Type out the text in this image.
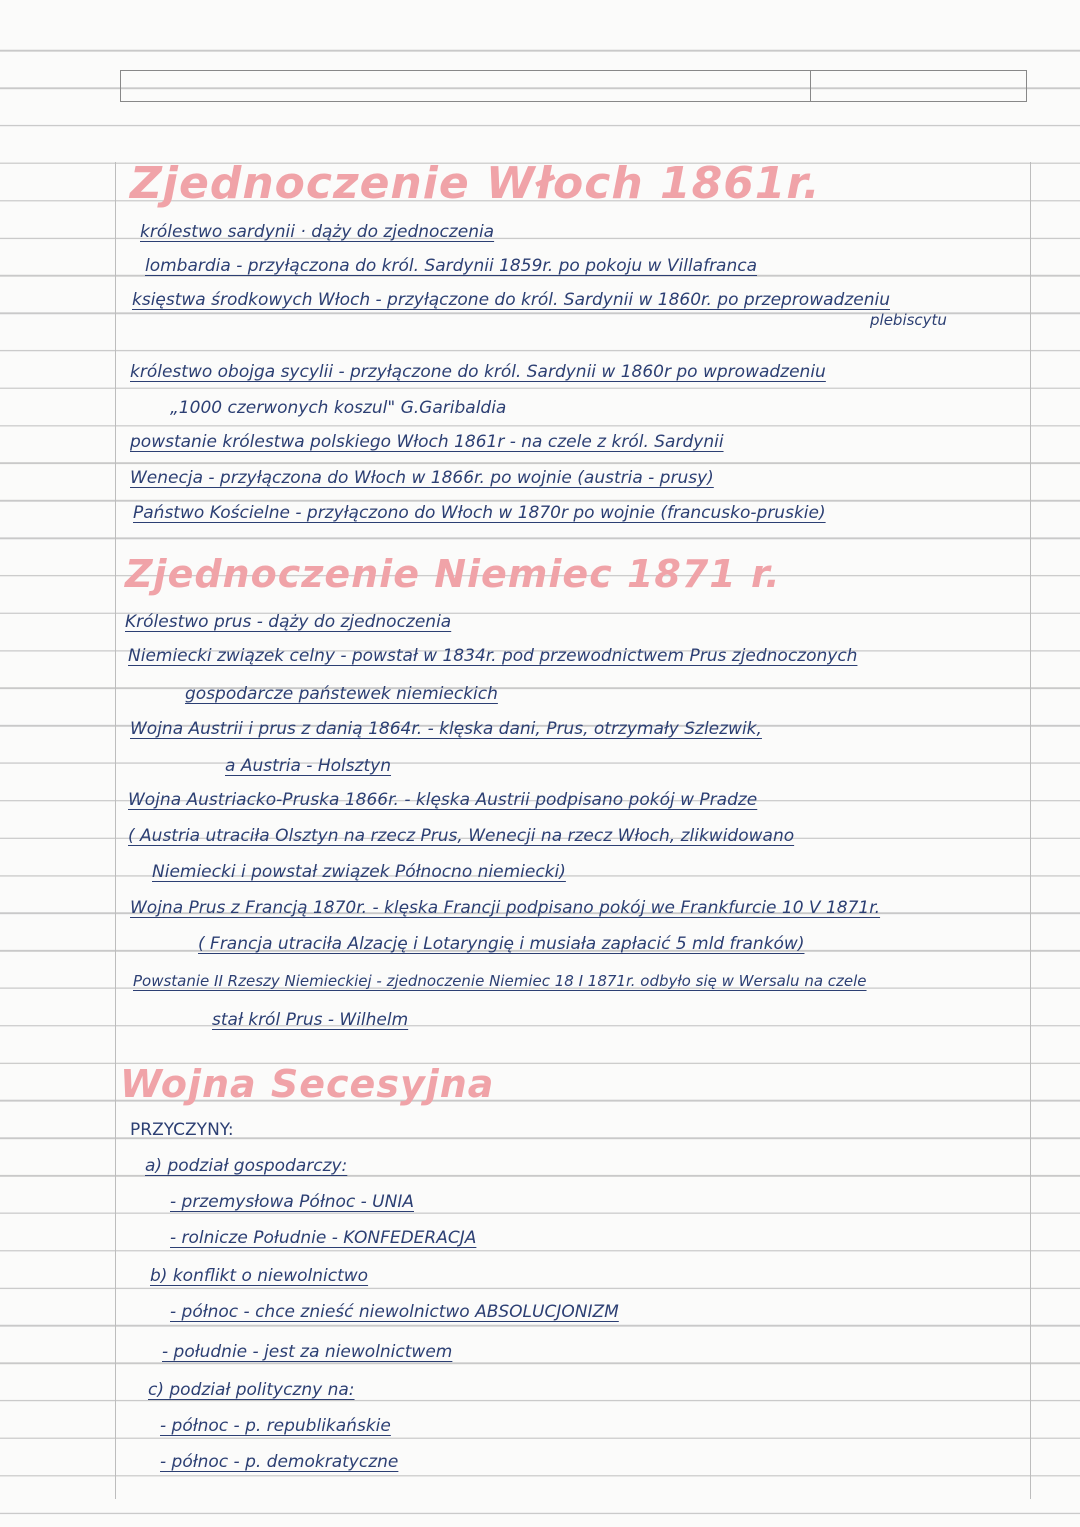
Zjednoczenie Włoch 1861r.
królestwo sardynii · dąży do zjednoczenia
lombardia - przyłączona do król. Sardynii 1859r. po pokoju w Villafranca
księstwa środkowych Włoch - przyłączone do król. Sardynii w 1860r. po przeprowadzeniu
plebiscytu
królestwo obojga sycylii - przyłączone do król. Sardynii w 1860r po wprowadzeniu
„1000 czerwonych koszul" G.Garibaldia
powstanie królestwa polskiego Włoch 1861r - na czele z król. Sardynii
Wenecja - przyłączona do Włoch w 1866r. po wojnie (austria - prusy)
Państwo Kościelne - przyłączono do Włoch w 1870r po wojnie (francusko-pruskie)
Zjednoczenie Niemiec 1871 r.
Królestwo prus - dąży do zjednoczenia
Niemiecki związek celny - powstał w 1834r. pod przewodnictwem Prus zjednoczonych
gospodarcze państewek niemieckich
Wojna Austrii i prus z danią 1864r. - klęska dani, Prus, otrzymały Szlezwik,
a Austria - Holsztyn
Wojna Austriacko-Pruska 1866r. - klęska Austrii podpisano pokój w Pradze
( Austria utraciła Olsztyn na rzecz Prus, Wenecji na rzecz Włoch, zlikwidowano
Niemiecki i powstał związek Północno niemiecki)
Wojna Prus z Francją 1870r. - klęska Francji podpisano pokój we Frankfurcie 10 V 1871r.
( Francja utraciła Alzację i Lotaryngię i musiała zapłacić 5 mld franków)
Powstanie II Rzeszy Niemieckiej - zjednoczenie Niemiec 18 I 1871r. odbyło się w Wersalu na czele
stał król Prus - Wilhelm
Wojna Secesyjna
PRZYCZYNY:
a) podział gospodarczy:
- przemysłowa Północ - UNIA
- rolnicze Południe - KONFEDERACJA
b) konflikt o niewolnictwo
- północ - chce znieść niewolnictwo ABSOLUCJONIZM
- południe - jest za niewolnictwem
c) podział polityczny na:
- północ - p. republikańskie
- północ - p. demokratyczne
